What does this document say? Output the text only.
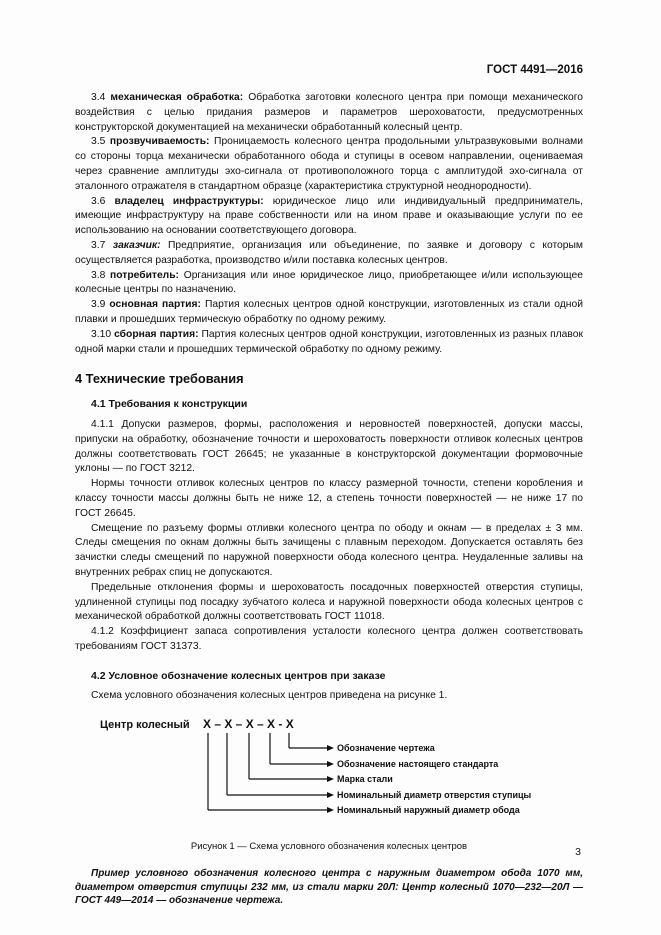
ГОСТ 4491—2016

3.4 механическая обработка: Обработка заготовки колесного центра при помощи механического воздействия с целью придания размеров и параметров шероховатости, предусмотренных конструкторской документацией на механически обработанный колесный центр.

3.5 прозвучиваемость: Проницаемость колесного центра продольными ультразвуковыми волнами со стороны торца механически обработанного обода и ступицы в осевом направлении, оцениваемая через сравнение амплитуды эхо-сигнала от противоположного торца с амплитудой эхо-сигнала от эталонного отражателя в стандартном образце (характеристика структурной неоднородности).

3.6 владелец инфраструктуры: юридическое лицо или индивидуальный предприниматель, имеющие инфраструктуру на праве собственности или на ином праве и оказывающие услуги по ее использованию на основании соответствующего договора.

3.7 заказчик: Предприятие, организация или объединение, по заявке и договору с которым осуществляется разработка, производство и/или поставка колесных центров.

3.8 потребитель: Организация или иное юридическое лицо, приобретающее и/или использующее колесные центры по назначению.

3.9 основная партия: Партия колесных центров одной конструкции, изготовленных из стали одной плавки и прошедших термическую обработку по одному режиму.

3.10 сборная партия: Партия колесных центров одной конструкции, изготовленных из разных плавок одной марки стали и прошедших термической обработку по одному режиму.

4 Технические требования
4.1 Требования к конструкции

4.1.1 Допуски размеров, формы, расположения и неровностей поверхностей, допуски массы, припуски на обработку, обозначение точности и шероховатость поверхности отливок колесных центров должны соответствовать ГОСТ 26645; не указанные в конструкторской документации формовочные уклоны — по ГОСТ 3212.

Нормы точности отливок колесных центров по классу размерной точности, степени коробления и классу точности массы должны быть не ниже 12, а степень точности поверхностей — не ниже 17 по ГОСТ 26645.

Смещение по разъему формы отливки колесного центра по ободу и окнам — в пределах ± 3 мм. Следы смещения по окнам должны быть зачищены с плавным переходом. Допускается оставлять без зачистки следы смещений по наружной поверхности обода колесного центра. Неудаленные заливы на внутренних ребрах спиц не допускаются.

Предельные отклонения формы и шероховатость посадочных поверхностей отверстия ступицы, удлиненной ступицы под посадку зубчатого колеса и наружной поверхности обода колесных центров с механической обработкой должны соответствовать ГОСТ 11018.

4.1.2 Коэффициент запаса сопротивления усталости колесного центра должен соответствовать требованиям ГОСТ 31373.

4.2 Условное обозначение колесных центров при заказе

Схема условного обозначения колесных центров приведена на рисунке 1.

Центр колесный Х – Х – Х – Х - Х
Обозначение чертежа
Обозначение настоящего стандарта
Марка стали
Номинальный диаметр отверстия ступицы
Номинальный наружный диаметр обода
Рисунок 1 — Схема условного обозначения колесных центров

Пример условного обозначения колесного центра с наружным диаметром обода 1070 мм, диаметром отверстия ступицы 232 мм, из стали марки 20Л: Центр колесный 1070—232—20Л — ГОСТ 449—2014 — обозначение чертежа.

3
